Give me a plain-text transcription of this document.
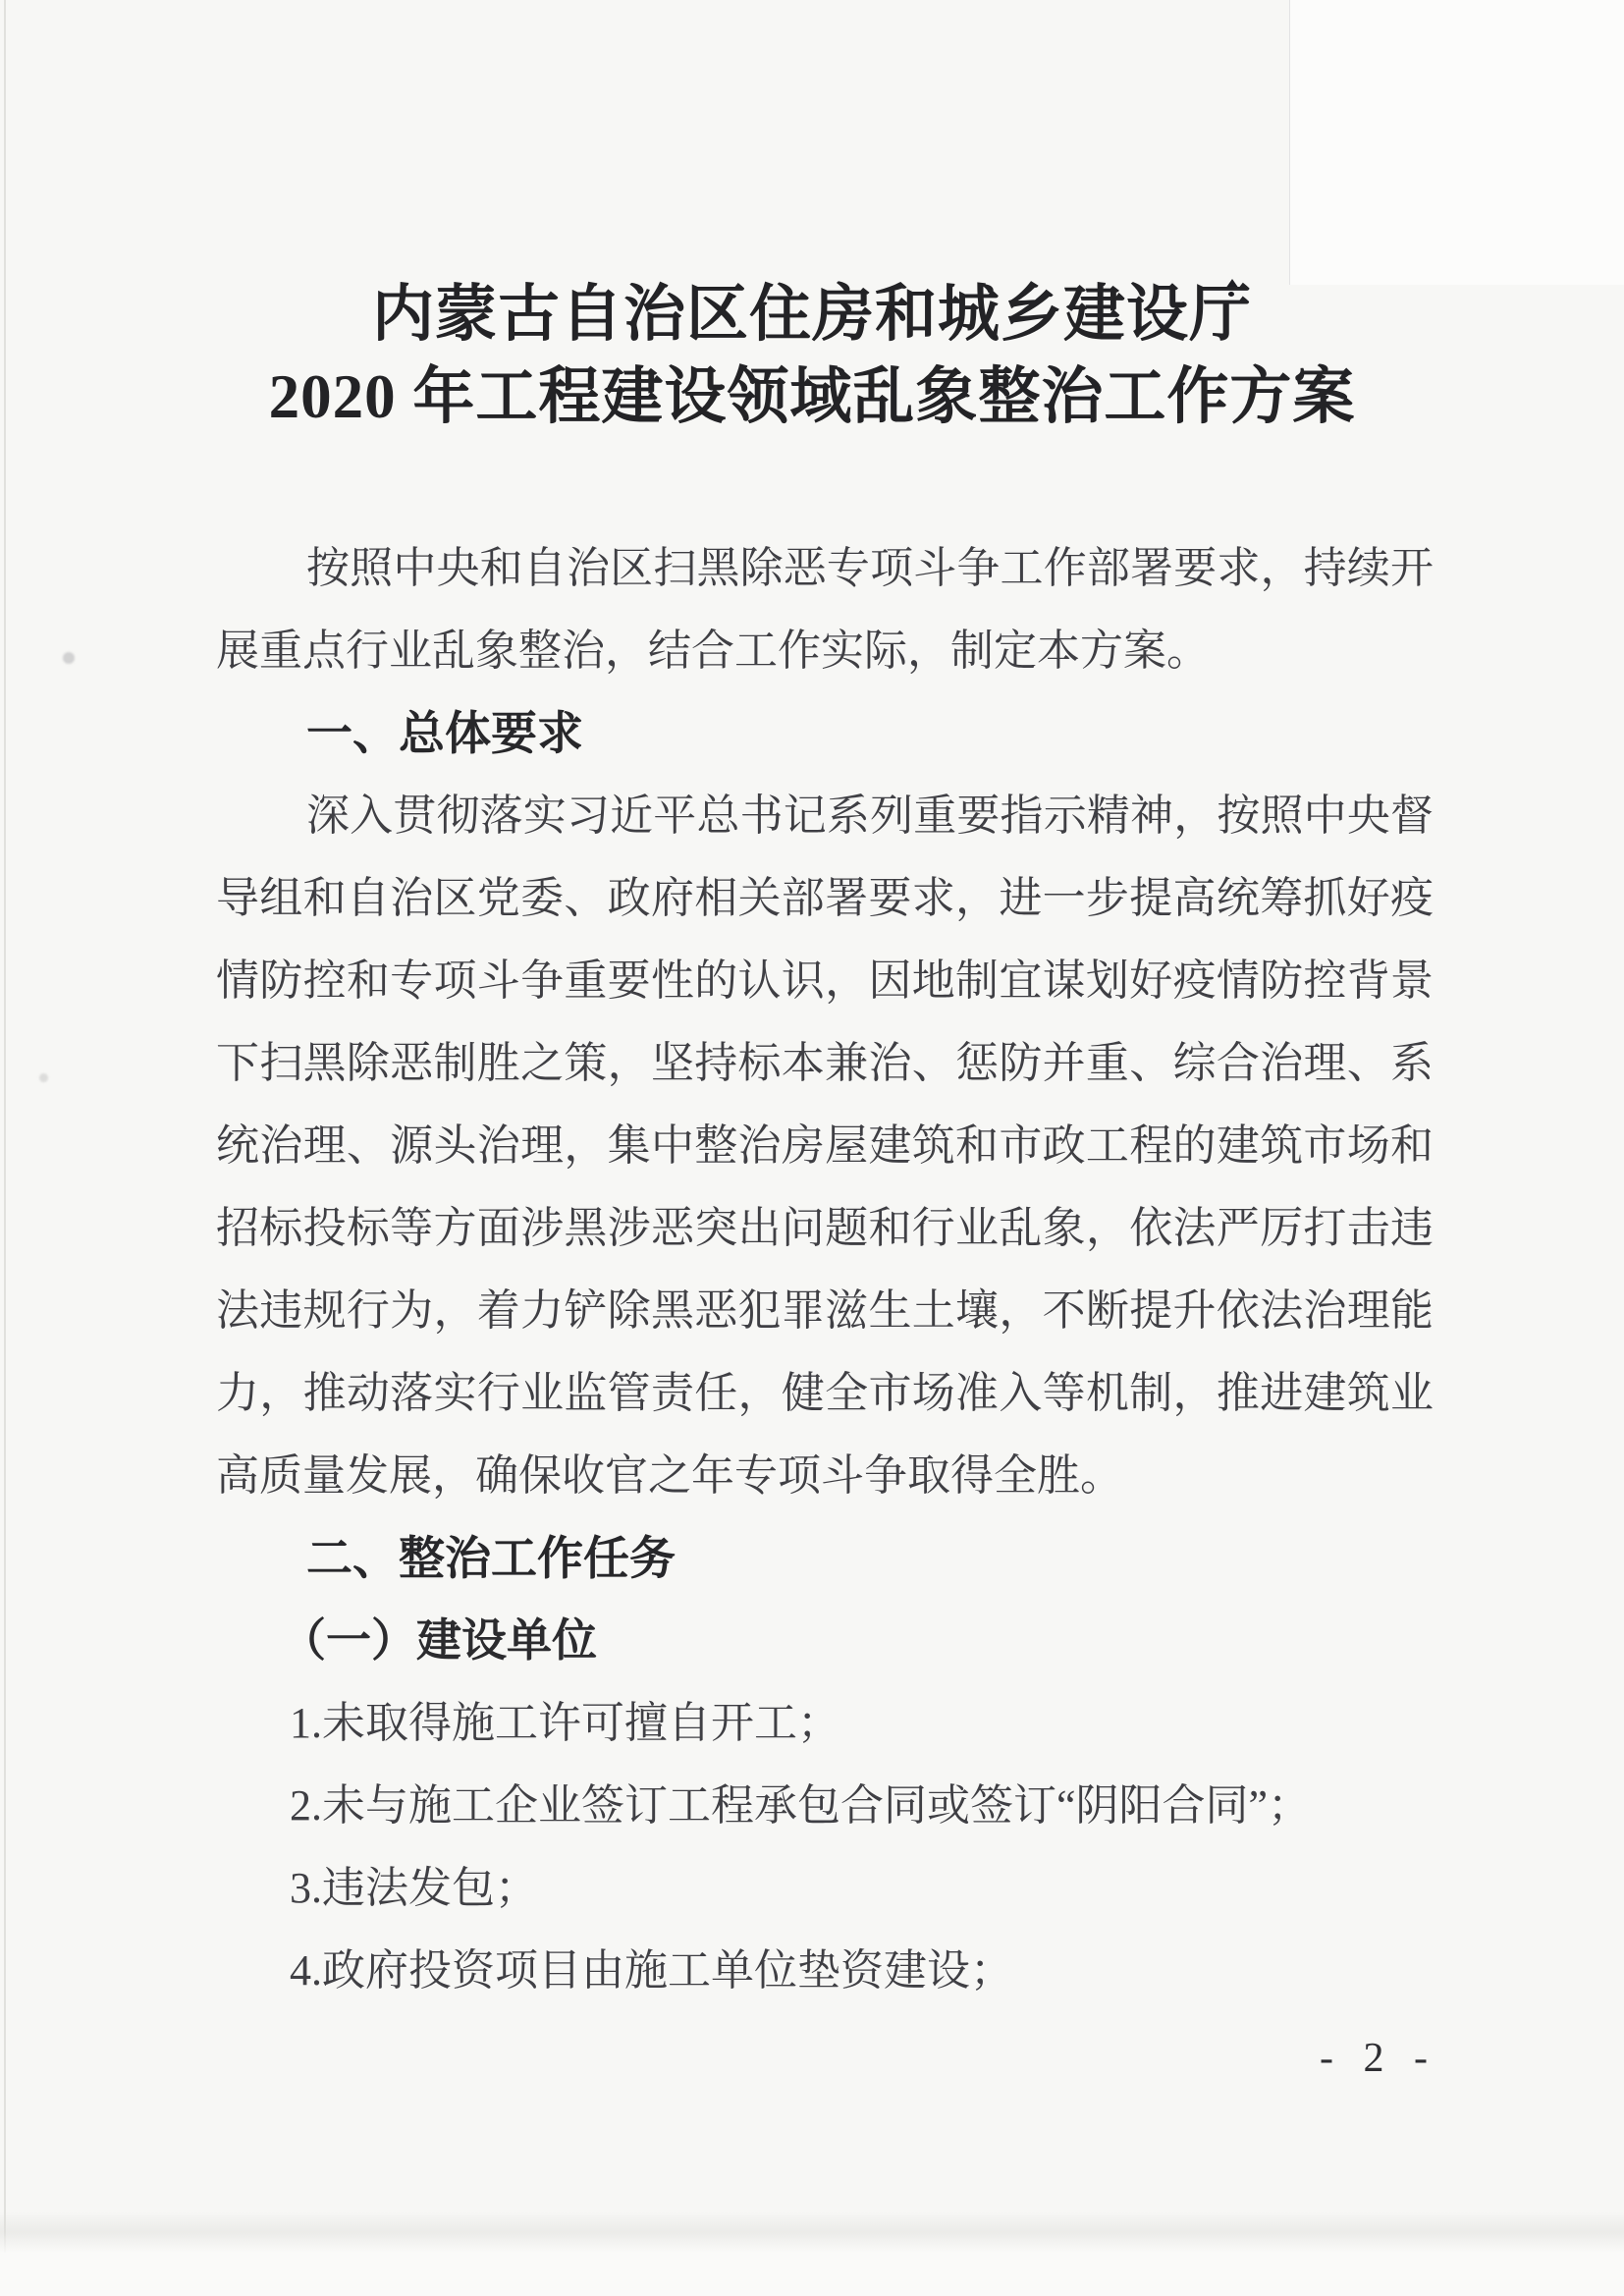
内蒙古自治区住房和城乡建设厅
2020 年工程建设领域乱象整治工作方案
按照中央和自治区扫黑除恶专项斗争工作部署要求，持续开
展重点行业乱象整治，结合工作实际，制定本方案。
一、总体要求
深入贯彻落实习近平总书记系列重要指示精神，按照中央督
导组和自治区党委、政府相关部署要求，进一步提高统筹抓好疫
情防控和专项斗争重要性的认识，因地制宜谋划好疫情防控背景
下扫黑除恶制胜之策，坚持标本兼治、惩防并重、综合治理、系
统治理、源头治理，集中整治房屋建筑和市政工程的建筑市场和
招标投标等方面涉黑涉恶突出问题和行业乱象，依法严厉打击违
法违规行为，着力铲除黑恶犯罪滋生土壤，不断提升依法治理能
力，推动落实行业监管责任，健全市场准入等机制，推进建筑业
高质量发展，确保收官之年专项斗争取得全胜。
二、整治工作任务
（一）建设单位
1.未取得施工许可擅自开工；
2.未与施工企业签订工程承包合同或签订“阴阳合同”；
3.违法发包；
4.政府投资项目由施工单位垫资建设；
- 2 -
